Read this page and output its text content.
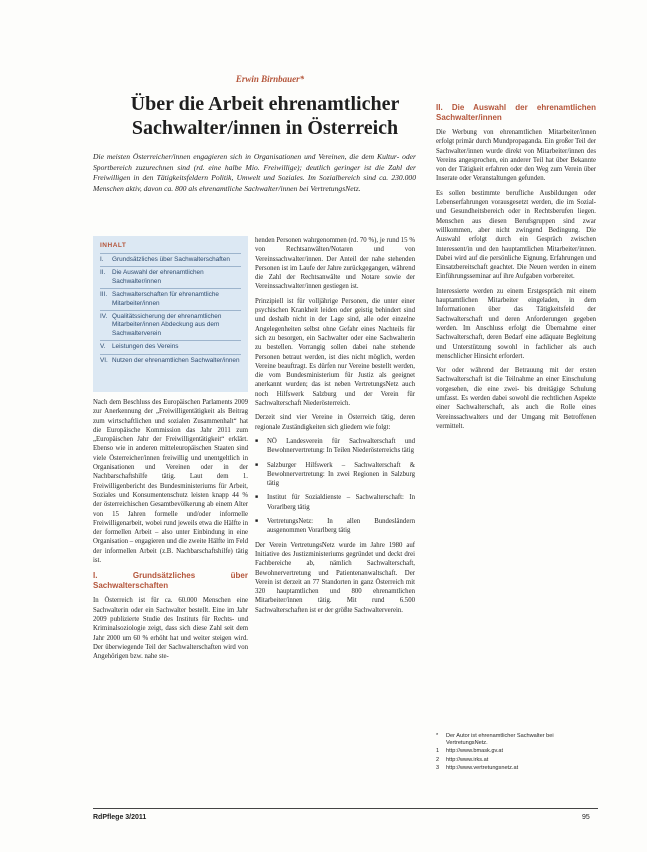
Erwin Birnbauer*
Über die Arbeit ehrenamtlicher Sachwalter/innen in Österreich
Die meisten Österreicher/innen engagieren sich in Organisationen und Vereinen, die dem Kultur- oder Sportbereich zuzurechnen sind (rd. eine halbe Mio. Freiwillige); deutlich geringer ist die Zahl der Freiwilligen in den Tätigkeitsfeldern Politik, Umwelt und Soziales. Im Sozialbereich sind ca. 230.000 Menschen aktiv, davon ca. 800 als ehrenamtliche Sachwalter/innen bei VertretungsNetz.
INHALT
I. Grundsätzliches über Sachwalterschaften
II. Die Auswahl der ehrenamtlichen Sachwalter/innen
III. Sachwalterschaften für ehrenamtliche Mitarbeiter/innen
IV. Qualitätssicherung der ehrenamtlichen Mitarbeiter/innen Abdeckung aus dem Sachwalterverein
V. Leistungen des Vereins
VI. Nutzen der ehrenamtlichen Sachwalter/innen

Nach dem Beschluss des Europäischen Parlaments 2009 zur Anerkennung der „Freiwilligentätigkeit als Beitrag zum wirtschaftlichen und sozialen Zusammenhalt“ hat die Europäische Kommission das Jahr 2011 zum „Europäischen Jahr der Freiwilligentätigkeit“ erklärt. Ebenso wie in anderen mitteleuropäischen Staaten sind viele Österreicher/innen freiwillig und unentgeltlich in Organisationen und Vereinen oder in der Nachbarschaftshilfe tätig. Laut dem 1. Freiwilligenbericht des Bundesministeriums für Arbeit, Soziales und Konsumentenschutz leisten knapp 44 % der österreichischen Gesamtbevölkerung ab einem Alter von 15 Jahren formelle und/oder informelle Freiwilligenarbeit, wobei rund jeweils etwa die Hälfte in der formellen Arbeit – also unter Einbindung in eine Organisation – engagieren und die zweite Hälfte im Feld der informellen Arbeit (z.B. Nachbarschaftshilfe) tätig ist.

I. Grundsätzliches über Sachwalterschaften

In Österreich ist für ca. 60.000 Menschen eine Sachwalterin oder ein Sachwalter bestellt. Eine im Jahr 2009 publizierte Studie des Instituts für Rechts- und Kriminalsoziologie zeigt, dass sich diese Zahl seit dem Jahr 2000 um 60 % erhöht hat und weiter steigen wird. Der überwiegende Teil der Sachwalterschaften wird von Angehörigen bzw. nahe ste-

henden Personen wahrgenommen (rd. 70 %), je rund 15 % von Rechtsanwälten/Notaren und von Vereinssachwalter/innen. Der Anteil der nahe stehenden Personen ist im Laufe der Jahre zurückgegangen, während die Zahl der Rechtsanwälte und Notare sowie der Vereinssachwalter/innen gestiegen ist.

Prinzipiell ist für volljährige Personen, die unter einer psychischen Krankheit leiden oder geistig behindert sind und deshalb nicht in der Lage sind, alle oder einzelne Angelegenheiten selbst ohne Gefahr eines Nachteils für sich zu besorgen, ein Sachwalter oder eine Sachwalterin zu bestellen. Vorrangig sollen dabei nahe stehende Personen betraut werden, ist dies nicht möglich, werden Vereine beauftragt. Es dürfen nur Vereine bestellt werden, die vom Bundesministerium für Justiz als geeignet anerkannt wurden; das ist neben VertretungsNetz auch noch Hilfswerk Salzburg und der Verein für Sachwalterschaft Niederösterreich.

Derzeit sind vier Vereine in Österreich tätig, deren regionale Zuständigkeiten sich gliedern wie folgt:

■ NÖ Landesverein für Sachwalterschaft und Bewohnervertretung: In Teilen Niederösterreichs tätig
■ Salzburger Hilfswerk – Sachwalterschaft & Bewohnervertretung: In zwei Regionen in Salzburg tätig
■ Institut für Sozialdienste – Sachwalterschaft: In Vorarlberg tätig
■ VertretungsNetz: In allen Bundesländern ausgenommen Vorarlberg tätig

Der Verein VertretungsNetz wurde im Jahre 1980 auf Initiative des Justizministeriums gegründet und deckt drei Fachbereiche ab, nämlich Sachwalterschaft, Bewohnervertretung und Patientenanwaltschaft. Der Verein ist derzeit an 77 Standorten in ganz Österreich mit 320 hauptamtlichen und 800 ehrenamtlichen Mitarbeiter/innen tätig. Mit rund 6.500 Sachwalterschaften ist er der größte Sachwalterverein.

II. Die Auswahl der ehrenamtlichen Sachwalter/innen

Die Werbung von ehrenamtlichen Mitarbeiter/innen erfolgt primär durch Mundpropaganda. Ein großer Teil der Sachwalter/innen wurde direkt von Mitarbeiter/innen des Vereins angesprochen, ein anderer Teil hat über Bekannte von der Tätigkeit erfahren oder den Weg zum Verein über Inserate oder Veranstaltungen gefunden.

Es sollen bestimmte berufliche Ausbildungen oder Lebenserfahrungen vorausgesetzt werden, die im Sozial- und Gesundheitsbereich oder in Rechtsberufen liegen. Menschen aus diesen Berufsgruppen sind zwar willkommen, aber nicht zwingend Bedingung. Die Auswahl erfolgt durch ein Gespräch zwischen Interessent/in und den hauptamtlichen Mitarbeiter/innen. Dabei wird auf die persönliche Eignung, Erfahrungen und Einsatzbereitschaft geachtet. Die Neuen werden in einem Einführungsseminar auf ihre Aufgaben vorbereitet.

Interessierte werden zu einem Erstgespräch mit einem hauptamtlichen Mitarbeiter eingeladen, in dem Informationen über das Tätigkeitsfeld der Sachwalterschaft und deren Anforderungen gegeben werden. Im Anschluss erfolgt die Übernahme einer Sachwalterschaft, deren Bedarf eine adäquate Begleitung und Unterstützung sowohl in fachlicher als auch menschlicher Hinsicht erfordert.

Vor oder während der Betrauung mit der ersten Sachwalterschaft ist die Teilnahme an einer Einschulung vorgesehen, die eine zwei- bis dreitägige Schulung umfasst. Es werden dabei sowohl die rechtlichen Aspekte einer Sachwalterschaft, als auch die Rolle eines Vereinssachwalters und der Umgang mit Betroffenen vermittelt.

* Der Autor ist ehrenamtlicher Sachwalter bei VertretungsNetz.
1 http://www.bmask.gv.at
2 http://www.irks.at
3 http://www.vertretungsnetz.at
RdPflege 3/2011	95
